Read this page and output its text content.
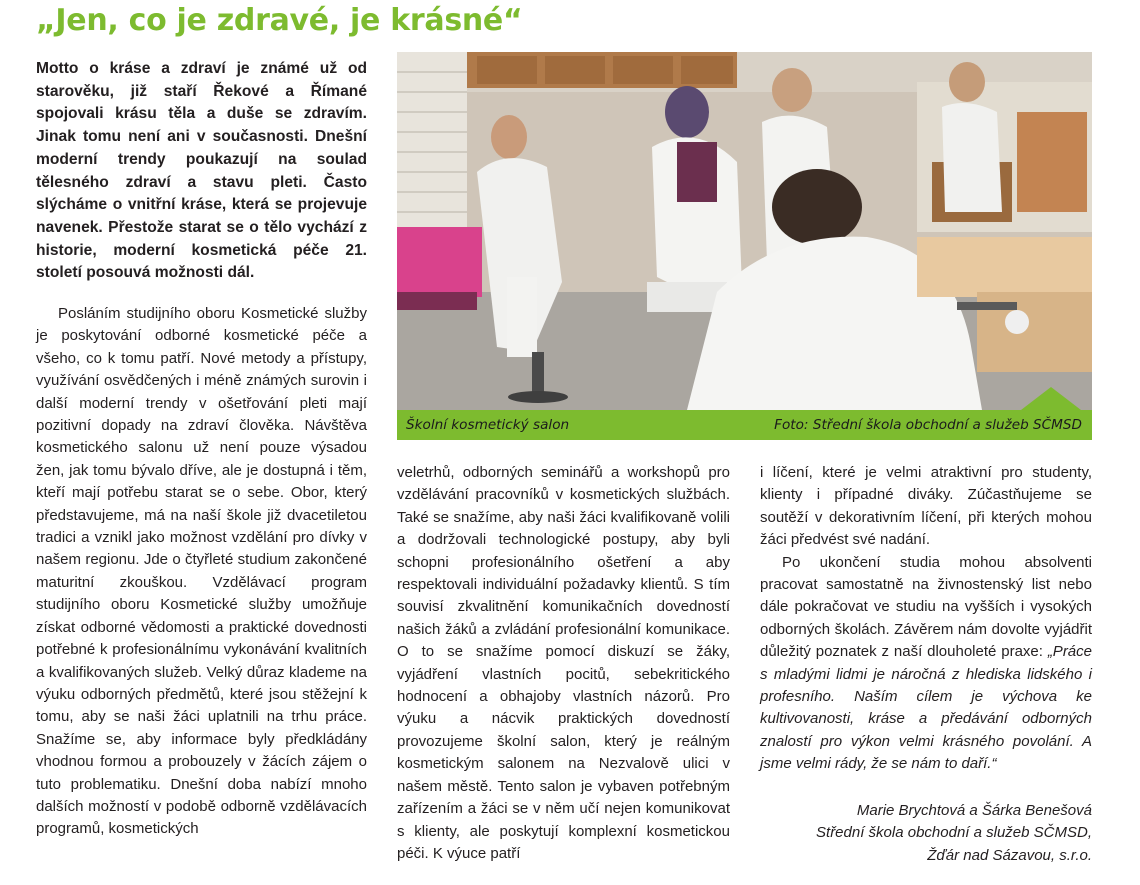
„Jen, co je zdravé, je krásné“
Motto o kráse a zdraví je známé už od starověku, již staří Řekové a Římané spojovali krásu těla a duše se zdravím. Jinak tomu není ani v současnosti. Dnešní moderní trendy poukazují na soulad tělesného zdraví a stavu pleti. Často slýcháme o vnitřní kráse, která se projevuje navenek. Přestože starat se o tělo vychází z historie, moderní kosmetická péče 21. století posouvá možnosti dál.

Posláním studijního oboru Kosmetické služby je poskytování odborné kosmetické péče a všeho, co k tomu patří. Nové metody a přístupy, využívání osvědčených i méně známých surovin i další moderní trendy v ošetřování pleti mají pozitivní dopady na zdraví člověka. Návštěva kosmetického salonu už není pouze výsadou žen, jak tomu bývalo dříve, ale je dostupná i těm, kteří mají potřebu starat se o sebe. Obor, který představujeme, má na naší škole již dvacetiletou tradici a vznikl jako možnost vzdělání pro dívky v našem regionu. Jde o čtyřleté studium zakončené maturitní zkouškou. Vzdělávací program studijního oboru Kosmetické služby umožňuje získat odborné vědomosti a praktické dovednosti potřebné k profesionálnímu vykonávání kvalitních a kvalifikovaných služeb. Velký důraz klademe na výuku odborných předmětů, které jsou stěžejní k tomu, aby se naši žáci uplatnili na trhu práce. Snažíme se, aby informace byly předkládány vhodnou formou a probouzely v žácích zájem o tuto problematiku. Dnešní doba nabízí mnoho dalších možností v podobě odborně vzdělávacích programů, kosmetických

Školní kosmetický salon	Foto: Střední škola obchodní a služeb SČMSD

veletrhů, odborných seminářů a workshopů pro vzdělávání pracovníků v kosmetických službách. Také se snažíme, aby naši žáci kvalifikovaně volili a dodržovali technologické postupy, aby byli schopni profesionálního ošetření a aby respektovali individuální požadavky klientů. S tím souvisí zkvalitnění komunikačních dovedností našich žáků a zvládání profesionální komunikace. O to se snažíme pomocí diskuzí se žáky, vyjádření vlastních pocitů, sebekritického hodnocení a obhajoby vlastních názorů. Pro výuku a nácvik praktických dovedností provozujeme školní salon, který je reálným kosmetickým salonem na Nezvalově ulici v našem městě. Tento salon je vybaven potřebným zařízením a žáci se v něm učí nejen komunikovat s klienty, ale poskytují komplexní kosmetickou péči. K výuce patří

i líčení, které je velmi atraktivní pro studenty, klienty i případné diváky. Zúčastňujeme se soutěží v dekorativním líčení, při kterých mohou žáci předvést své nadání.

Po ukončení studia mohou absolventi pracovat samostatně na živnostenský list nebo dále pokračovat ve studiu na vyšších i vysokých odborných školách. Závěrem nám dovolte vyjádřit důležitý poznatek z naší dlouholeté praxe: „Práce s mladými lidmi je náročná z hlediska lidského i profesního. Naším cílem je výchova ke kultivovanosti, kráse a předávání odborných znalostí pro výkon velmi krásného povolání. A jsme velmi rády, že se nám to daří.“

Marie Brychtová a Šárka Benešová
Střední škola obchodní a služeb SČMSD,
Žďár nad Sázavou, s.r.o.
